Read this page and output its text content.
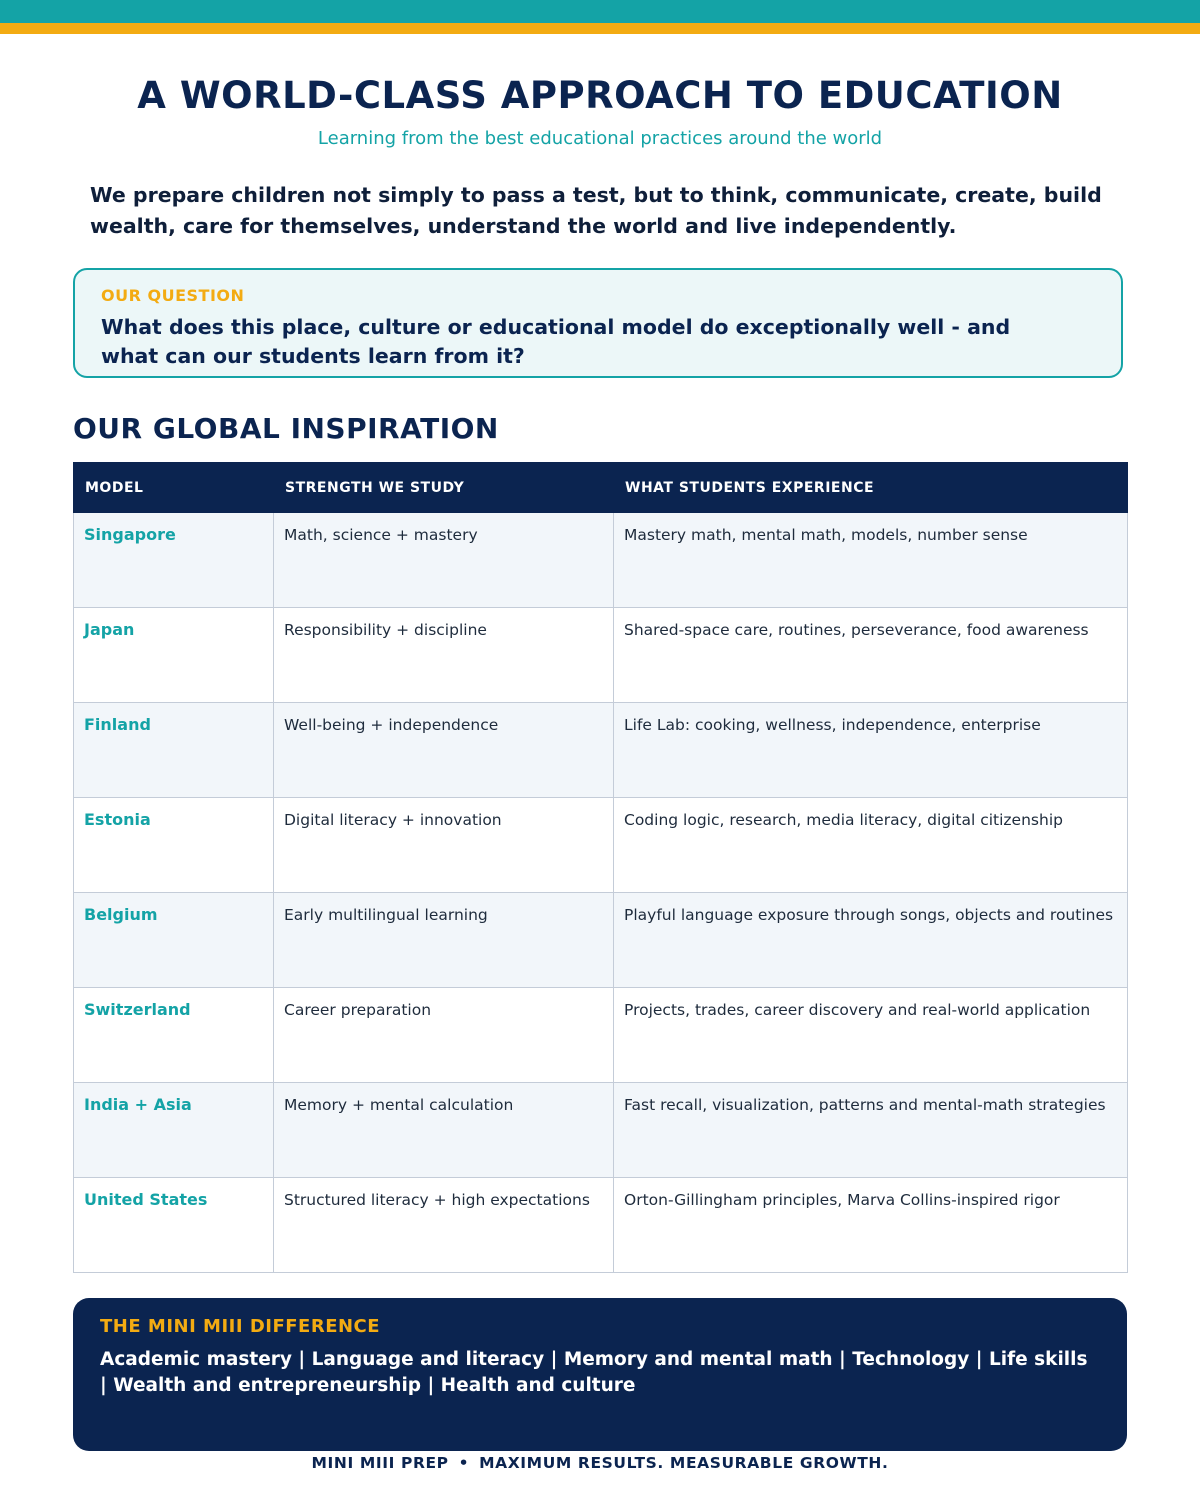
A WORLD-CLASS APPROACH TO EDUCATION
Learning from the best educational practices around the world
We prepare children not simply to pass a test, but to think, communicate, create, build wealth, care for themselves, understand the world and live independently.
OUR QUESTION
What does this place, culture or educational model do exceptionally well - and what can our students learn from it?
OUR GLOBAL INSPIRATION
MODEL	STRENGTH WE STUDY	WHAT STUDENTS EXPERIENCE
Singapore	Math, science + mastery	Mastery math, mental math, models, number sense
Japan	Responsibility + discipline	Shared-space care, routines, perseverance, food awareness
Finland	Well-being + independence	Life Lab: cooking, wellness, independence, enterprise
Estonia	Digital literacy + innovation	Coding logic, research, media literacy, digital citizenship
Belgium	Early multilingual learning	Playful language exposure through songs, objects and routines
Switzerland	Career preparation	Projects, trades, career discovery and real-world application
India + Asia	Memory + mental calculation	Fast recall, visualization, patterns and mental-math strategies
United States	Structured literacy + high expectations	Orton-Gillingham principles, Marva Collins-inspired rigor
THE MINI MIII DIFFERENCE
Academic mastery | Language and literacy | Memory and mental math | Technology | Life skills | Wealth and entrepreneurship | Health and culture
MINI MIII PREP • MAXIMUM RESULTS. MEASURABLE GROWTH.
